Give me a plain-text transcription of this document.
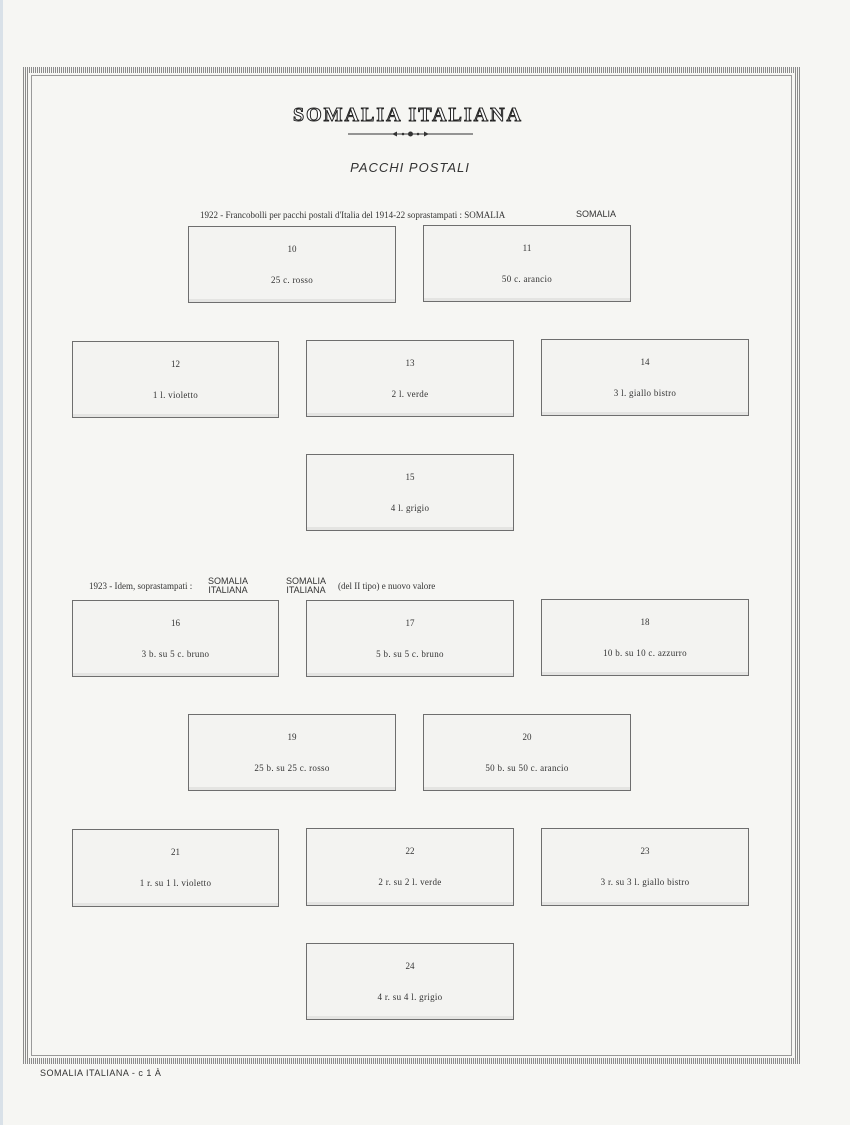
SOMALIA ITALIANA
PACCHI POSTALI
1922 - Francobolli per pacchi postali d'Italia del 1914-22 soprastampati : SOMALIA	SOMALIA
1923 - Idem, soprastampati : SOMALIA
ITALIANA
SOMALIA
ITALIANA (del II tipo) e nuovo valore
10
25 c. rosso
11
50 c. arancio
12
1 l. violetto
13
2 l. verde
14
3 l. giallo bistro
15
4 l. grigio
16
3 b. su 5 c. bruno
17
5 b. su 5 c. bruno
18
10 b. su 10 c. azzurro
19
25 b. su 25 c. rosso
20
50 b. su 50 c. arancio
21
1 r. su 1 l. violetto
22
2 r. su 2 l. verde
23
3 r. su 3 l. giallo bistro
24
4 r. su 4 l. grigio
SOMALIA ITALIANA - c 1 À
